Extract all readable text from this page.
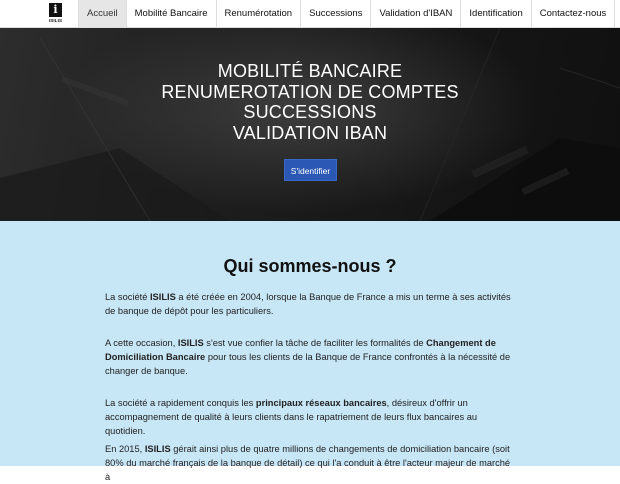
i
ISILIS
Accueil	Mobilité Bancaire	Renumérotation	Successions	Validation d'IBAN	Identification	Contactez-nous
MOBILITÉ BANCAIRE
RENUMEROTATION DE COMPTES
SUCCESSIONS
VALIDATION IBAN
S'identifier
Qui sommes-nous ?

La société ISILIS a été créée en 2004, lorsque la Banque de France a mis un terme à ses activités de banque de dépôt pour les particuliers.

A cette occasion, ISILIS s'est vue confier la tâche de faciliter les formalités de Changement de Domiciliation Bancaire pour tous les clients de la Banque de France confrontés à la nécessité de changer de banque.

La société a rapidement conquis les principaux réseaux bancaires, désireux d'offrir un accompagnement de qualité à leurs clients dans le rapatriement de leurs flux bancaires au quotidien.

En 2015, ISILIS gérait ainsi plus de quatre millions de changements de domiciliation bancaire (soit 80% du marché français de la banque de détail) ce qui l'a conduit à être l'acteur majeur de marché à
